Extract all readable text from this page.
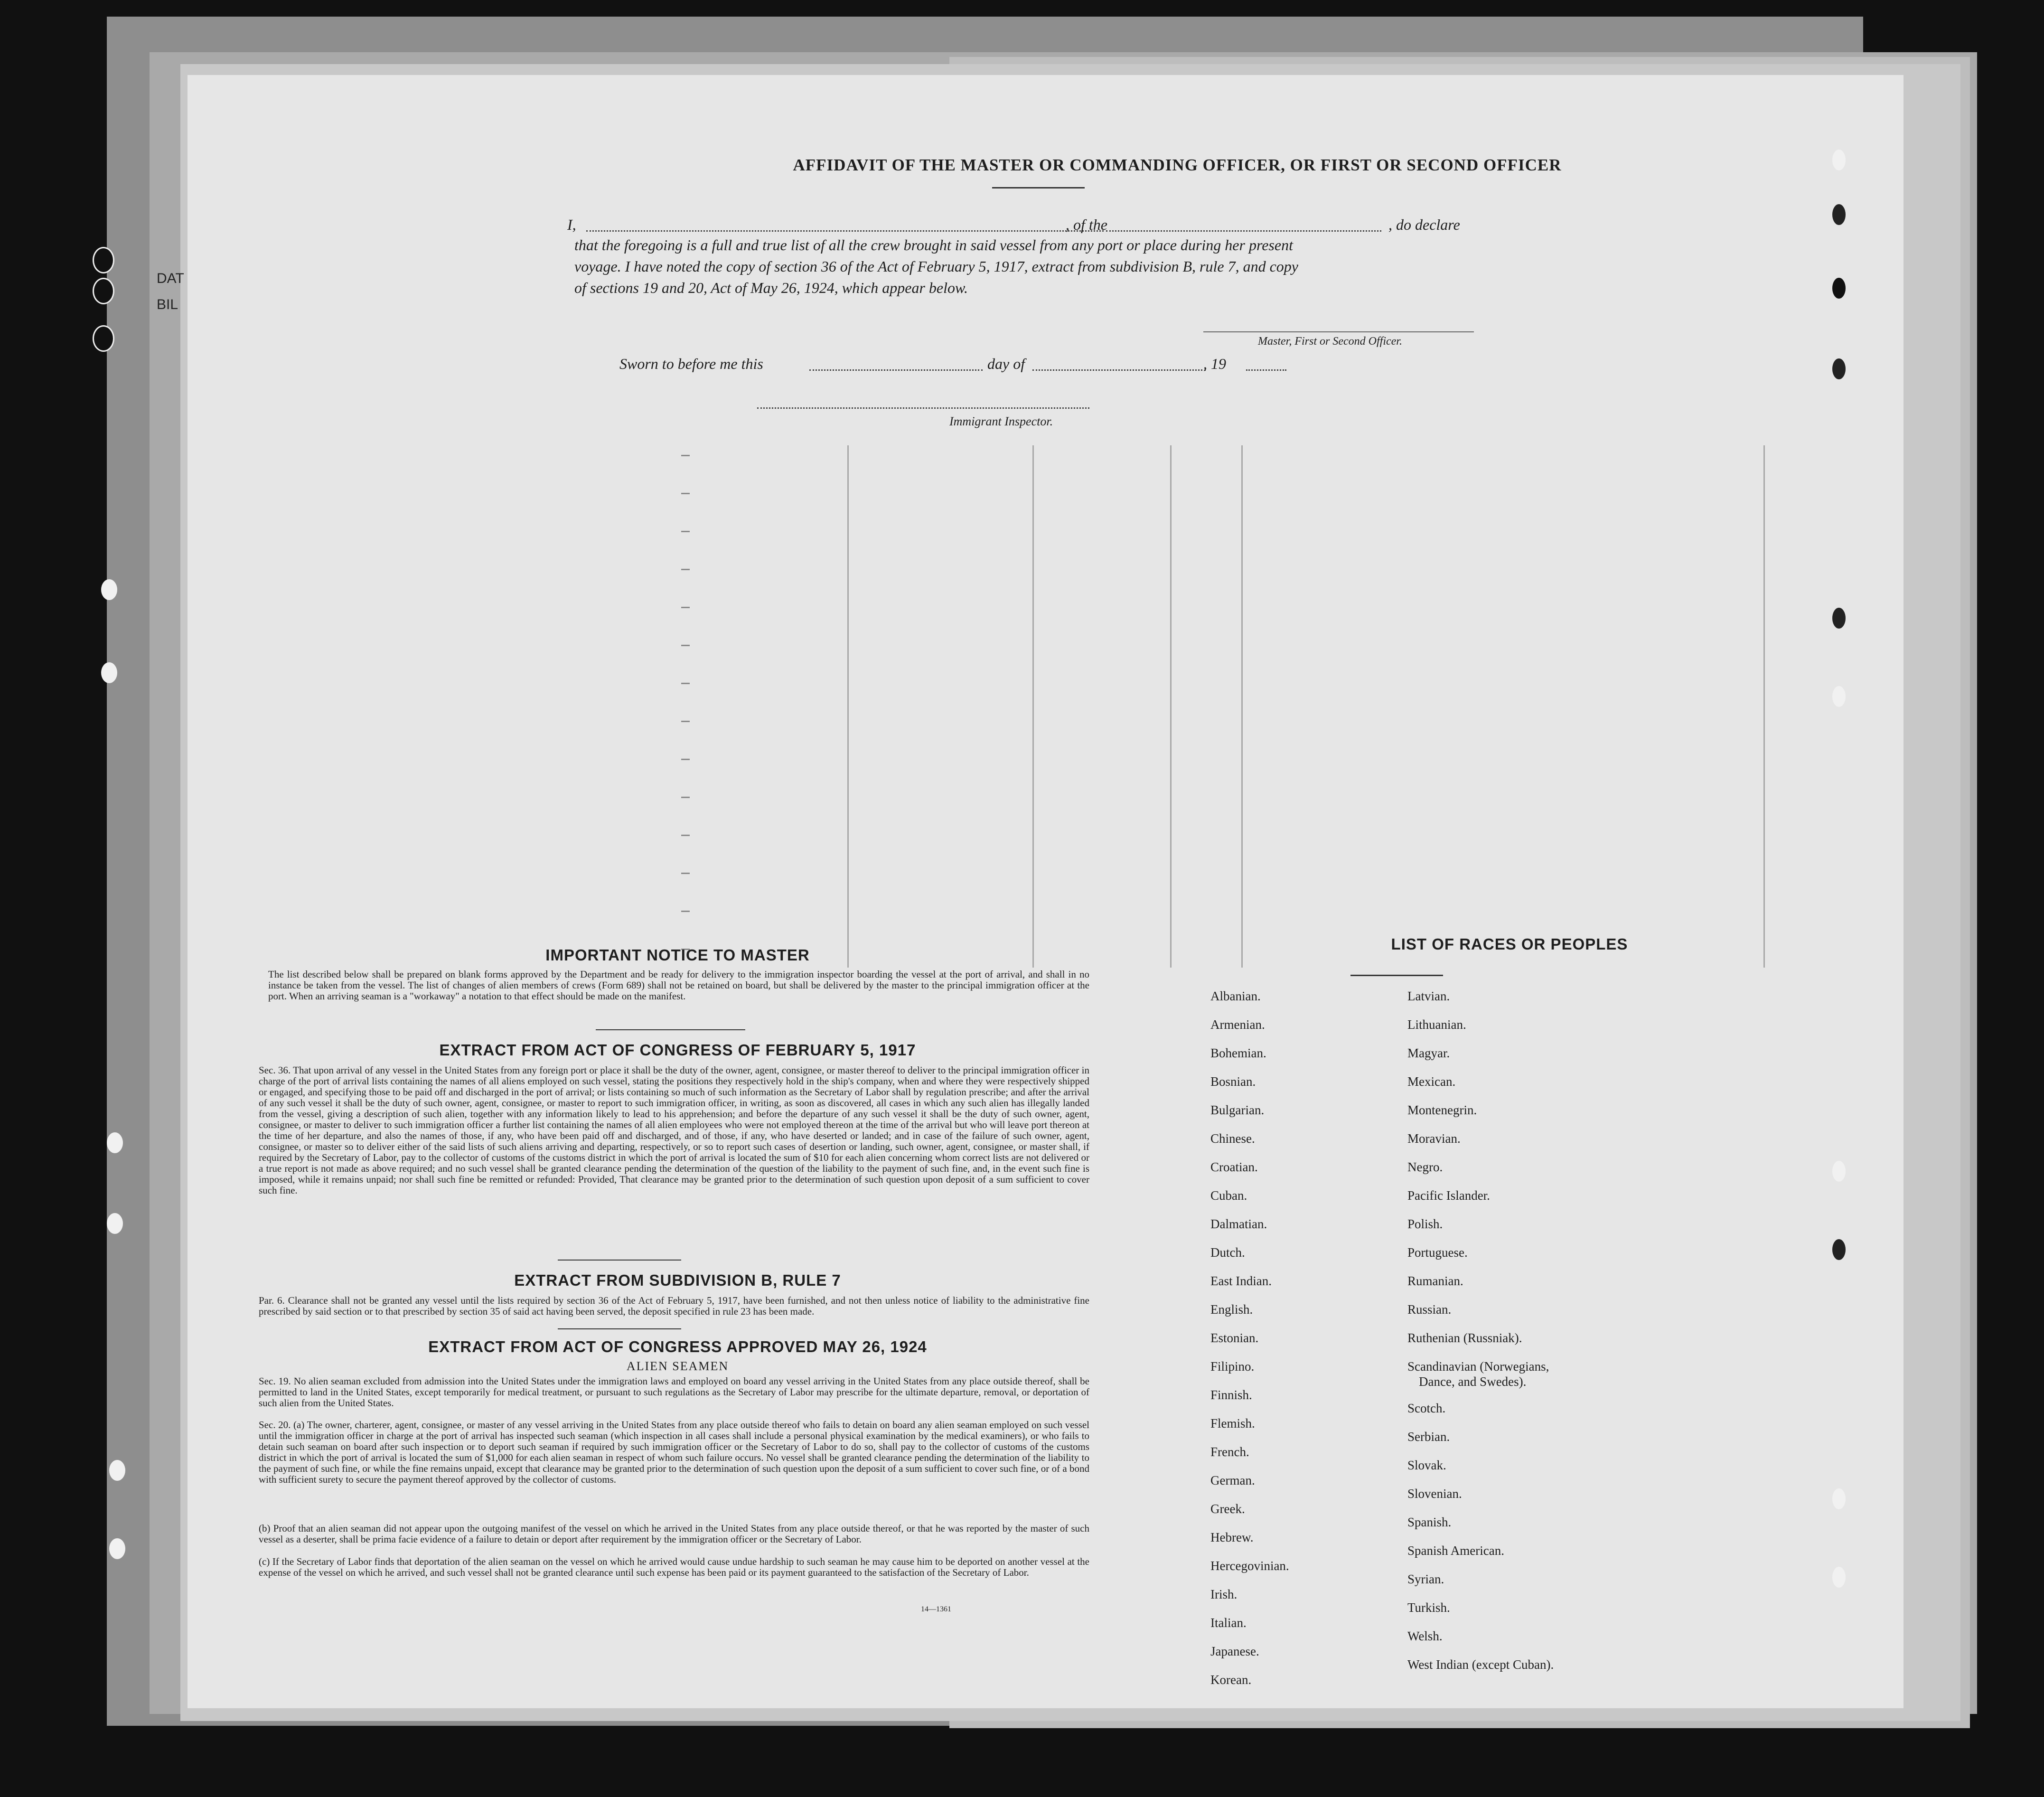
DAT
BIL
AFFIDAVIT OF THE MASTER OR COMMANDING OFFICER, OR FIRST OR SECOND OFFICER
I,	, of the	, do declare
that the foregoing is a full and true list of all the crew brought in said vessel from any port or place during her present
voyage. I have noted the copy of section 36 of the Act of February 5, 1917, extract from subdivision B, rule 7, and copy
of sections 19 and 20, Act of May 26, 1924, which appear below.
Master, First or Second Officer.
Sworn to before me this	day of	, 19
Immigrant Inspector.
IMPORTANT NOTICE TO MASTER
The list described below shall be prepared on blank forms approved by the Department and be ready for delivery to the immigration inspector boarding the vessel at the port of arrival, and shall in no instance be taken from the vessel. The list of changes of alien members of crews (Form 689) shall not be retained on board, but shall be delivered by the master to the principal immigration officer at the port. When an arriving seaman is a "workaway" a notation to that effect should be made on the manifest.
EXTRACT FROM ACT OF CONGRESS OF FEBRUARY 5, 1917
Sec. 36. That upon arrival of any vessel in the United States from any foreign port or place it shall be the duty of the owner, agent, consignee, or master thereof to deliver to the principal immigration officer in charge of the port of arrival lists containing the names of all aliens employed on such vessel, stating the positions they respectively hold in the ship's company, when and where they were respectively shipped or engaged, and specifying those to be paid off and discharged in the port of arrival; or lists containing so much of such information as the Secretary of Labor shall by regulation prescribe; and after the arrival of any such vessel it shall be the duty of such owner, agent, consignee, or master to report to such immigration officer, in writing, as soon as discovered, all cases in which any such alien has illegally landed from the vessel, giving a description of such alien, together with any information likely to lead to his apprehension; and before the departure of any such vessel it shall be the duty of such owner, agent, consignee, or master to deliver to such immigration officer a further list containing the names of all alien employees who were not employed thereon at the time of the arrival but who will leave port thereon at the time of her departure, and also the names of those, if any, who have been paid off and discharged, and of those, if any, who have deserted or landed; and in case of the failure of such owner, agent, consignee, or master so to deliver either of the said lists of such aliens arriving and departing, respectively, or so to report such cases of desertion or landing, such owner, agent, consignee, or master shall, if required by the Secretary of Labor, pay to the collector of customs of the customs district in which the port of arrival is located the sum of $10 for each alien concerning whom correct lists are not delivered or a true report is not made as above required; and no such vessel shall be granted clearance pending the determination of the question of the liability to the payment of such fine, and, in the event such fine is imposed, while it remains unpaid; nor shall such fine be remitted or refunded: Provided, That clearance may be granted prior to the determination of such question upon deposit of a sum sufficient to cover such fine.
EXTRACT FROM SUBDIVISION B, RULE 7
Par. 6. Clearance shall not be granted any vessel until the lists required by section 36 of the Act of February 5, 1917, have been furnished, and not then unless notice of liability to the administrative fine prescribed by said section or to that prescribed by section 35 of said act having been served, the deposit specified in rule 23 has been made.
EXTRACT FROM ACT OF CONGRESS APPROVED MAY 26, 1924
ALIEN SEAMEN
Sec. 19. No alien seaman excluded from admission into the United States under the immigration laws and employed on board any vessel arriving in the United States from any place outside thereof, shall be permitted to land in the United States, except temporarily for medical treatment, or pursuant to such regulations as the Secretary of Labor may prescribe for the ultimate departure, removal, or deportation of such alien from the United States.
Sec. 20. (a) The owner, charterer, agent, consignee, or master of any vessel arriving in the United States from any place outside thereof who fails to detain on board any alien seaman employed on such vessel until the immigration officer in charge at the port of arrival has inspected such seaman (which inspection in all cases shall include a personal physical examination by the medical examiners), or who fails to detain such seaman on board after such inspection or to deport such seaman if required by such immigration officer or the Secretary of Labor to do so, shall pay to the collector of customs of the customs district in which the port of arrival is located the sum of $1,000 for each alien seaman in respect of whom such failure occurs. No vessel shall be granted clearance pending the determination of the liability to the payment of such fine, or while the fine remains unpaid, except that clearance may be granted prior to the determination of such question upon the deposit of a sum sufficient to cover such fine, or of a bond with sufficient surety to secure the payment thereof approved by the collector of customs.
(b) Proof that an alien seaman did not appear upon the outgoing manifest of the vessel on which he arrived in the United States from any place outside thereof, or that he was reported by the master of such vessel as a deserter, shall be prima facie evidence of a failure to detain or deport after requirement by the immigration officer or the Secretary of Labor.
(c) If the Secretary of Labor finds that deportation of the alien seaman on the vessel on which he arrived would cause undue hardship to such seaman he may cause him to be deported on another vessel at the expense of the vessel on which he arrived, and such vessel shall not be granted clearance until such expense has been paid or its payment guaranteed to the satisfaction of the Secretary of Labor.
14—1361
LIST OF RACES OR PEOPLES
Albanian.
Armenian.
Bohemian.
Bosnian.
Bulgarian.
Chinese.
Croatian.
Cuban.
Dalmatian.
Dutch.
East Indian.
English.
Estonian.
Filipino.
Finnish.
Flemish.
French.
German.
Greek.
Hebrew.
Hercegovinian.
Irish.
Italian.
Japanese.
Korean.
Latvian.
Lithuanian.
Magyar.
Mexican.
Montenegrin.
Moravian.
Negro.
Pacific Islander.
Polish.
Portuguese.
Rumanian.
Russian.
Ruthenian (Russniak).
Scandinavian (Norwegians,
Dance, and Swedes).
Scotch.
Serbian.
Slovak.
Slovenian.
Spanish.
Spanish American.
Syrian.
Turkish.
Welsh.
West Indian (except Cuban).
